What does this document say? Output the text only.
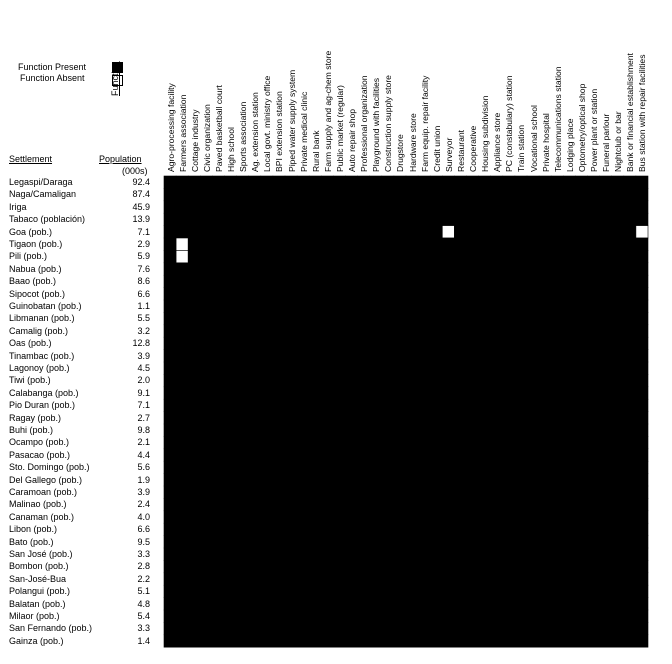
Function Present
Function Absent	Function
Settlement	Population
(000s)
Legaspi/Daraga	92.4
Naga/Camaligan	87.4
Iriga	45.9
Tabaco (población)	13.9
Goa (pob.)	7.1
Tigaon (pob.)	2.9
Pili (pob.)	5.9
Nabua (pob.)	7.6
Baao (pob.)	8.6
Sipocot (pob.)	6.6
Guinobatan (pob.)	1.1
Libmanan (pob.)	5.5
Camalig (pob.)	3.2
Oas (pob.)	12.8
Tinambac (pob.)	3.9
Lagonoy (pob.)	4.5
Tiwi (pob.)	2.0
Calabanga (pob.)	9.1
Pio Duran (pob.)	7.1
Ragay (pob.)	2.7
Buhi (pob.)	9.8
Ocampo (pob.)	2.1
Pasacao (pob.)	4.4
Sto. Domingo (pob.)	5.6
Del Gallego (pob.)	1.9
Caramoan (pob.)	3.9
Malinao (pob.)	2.4
Canaman (pob.)	4.0
Libon (pob.)	6.6
Bato (pob.)	9.5
San José (pob.)	3.3
Bombon (pob.)	2.8
San-José-Bua	2.2
Polangui (pob.)	5.1
Balatan (pob.)	4.8
Milaor (pob.)	5.4
San Fernando (pob.)	3.3
Gainza (pob.)	1.4
Agro-processing facility Farmers association Cottage industry Civic organization Paved basketball court High school Sports association Ag. extension station Local govt. ministry office BPI extension station Piped water supply system Private medical clinic Rural bank Farm supply and ag-chem store Public market (regular) Auto repair shop Professional organization Playground with facilities Construction supply store Drugstore Hardware store Farm equip. repair facility Credit union Surveyor Restaurant Cooperative Housing subdivision Appliance store PC (constabulary) station Train station Vocational school Private hospital Telecommunications station Lodging place Optometry/optical shop Power plant or station Funeral parlour Nightclub or bar Bank or financial establishment Bus station with repair facilities
